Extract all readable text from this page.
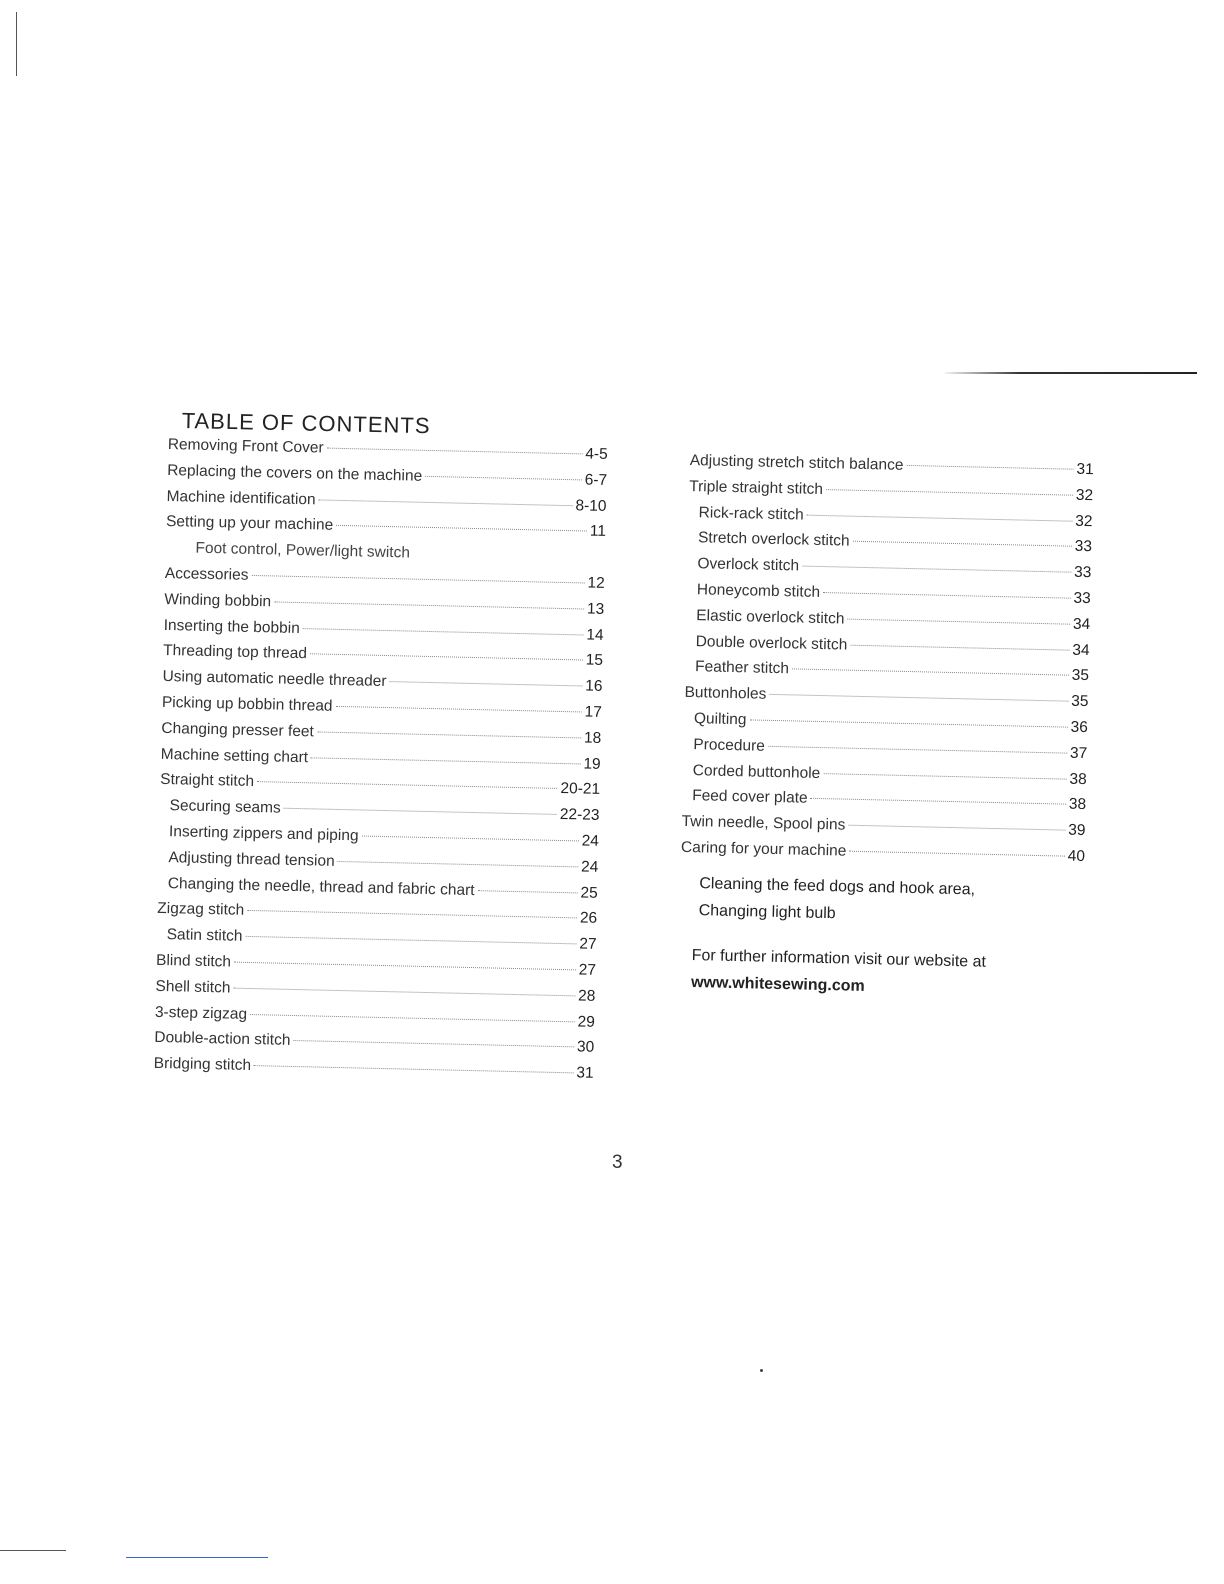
TABLE OF CONTENTS
Removing Front Cover	4-5
Replacing the covers on the machine	6-7
Machine identification	8-10
Setting up your machine	11
Foot control, Power/light switch
Accessories	12
Winding bobbin	13
Inserting the bobbin	14
Threading top thread	15
Using automatic needle threader	16
Picking up bobbin thread	17
Changing presser feet	18
Machine setting chart	19
Straight stitch	20-21
Securing seams	22-23
Inserting zippers and piping	24
Adjusting thread tension	24
Changing the needle, thread and fabric chart	25
Zigzag stitch	26
Satin stitch	27
Blind stitch	27
Shell stitch	28
3-step zigzag	29
Double-action stitch	30
Bridging stitch	31
Adjusting stretch stitch balance	31
Triple straight stitch	32
Rick-rack stitch	32
Stretch overlock stitch	33
Overlock stitch	33
Honeycomb stitch	33
Elastic overlock stitch	34
Double overlock stitch	34
Feather stitch	35
Buttonholes	35
Quilting	36
Procedure	37
Corded buttonhole	38
Feed cover plate	38
Twin needle, Spool pins	39
Caring for your machine	40
Cleaning the feed dogs and hook area,
Changing light bulb
For further information visit our website at
www.whitesewing.com
3
